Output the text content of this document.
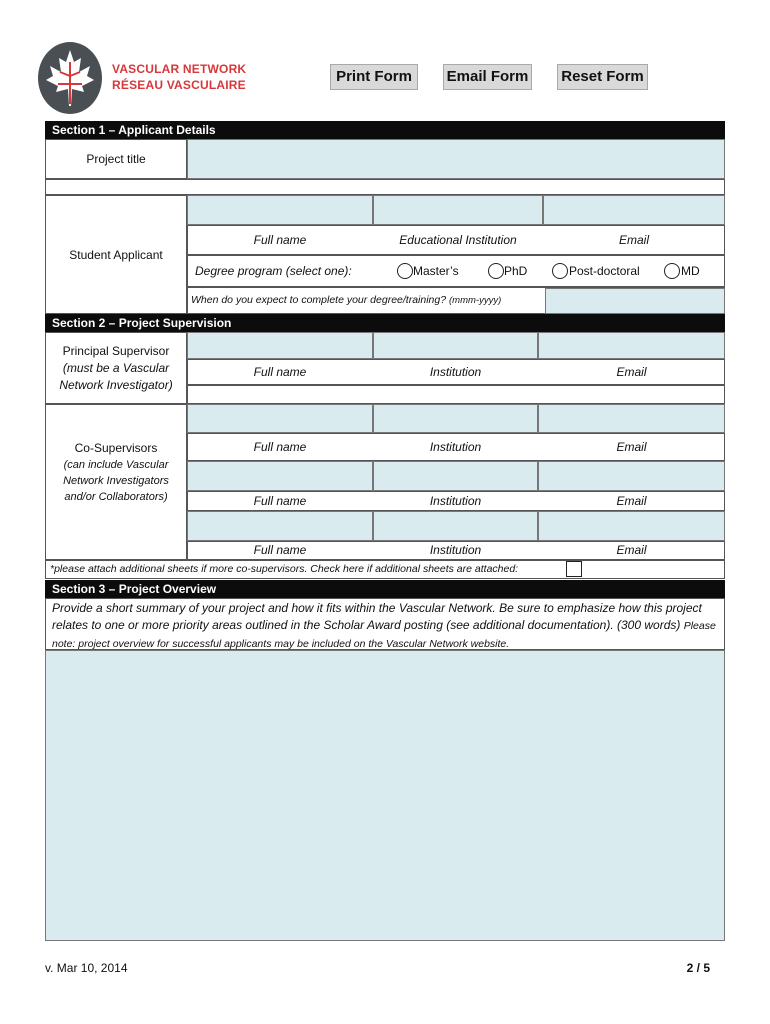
VASCULAR NETWORK
RÉSEAU VASCULAIRE	Print Form	Email Form Reset Form
Section 1 – Applicant Details
Project title
Student Applicant
Full name	Educational Institution	Email
Degree program (select one):	Master’s	PhD	Post-doctoral	MD
When do you expect to complete your degree/training? (mmm-yyyy)
Section 2 – Project Supervision
Principal Supervisor
(must be a Vascular Network Investigator)
Full name	Institution	Email
Co-Supervisors
(can include Vascular Network Investigators and/or Collaborators)
Full name	Institution	Email
Full name	Institution	Email
Full name	Institution	Email
*please attach additional sheets if more co-supervisors. Check here if additional sheets are attached:
Section 3 – Project Overview
Provide a short summary of your project and how it fits within the Vascular Network. Be sure to emphasize how this project relates to one or more priority areas outlined in the Scholar Award posting (see additional documentation). (300 words) Please note: project overview for successful applicants may be included on the Vascular Network website.
v. Mar 10, 2014	2 / 5
